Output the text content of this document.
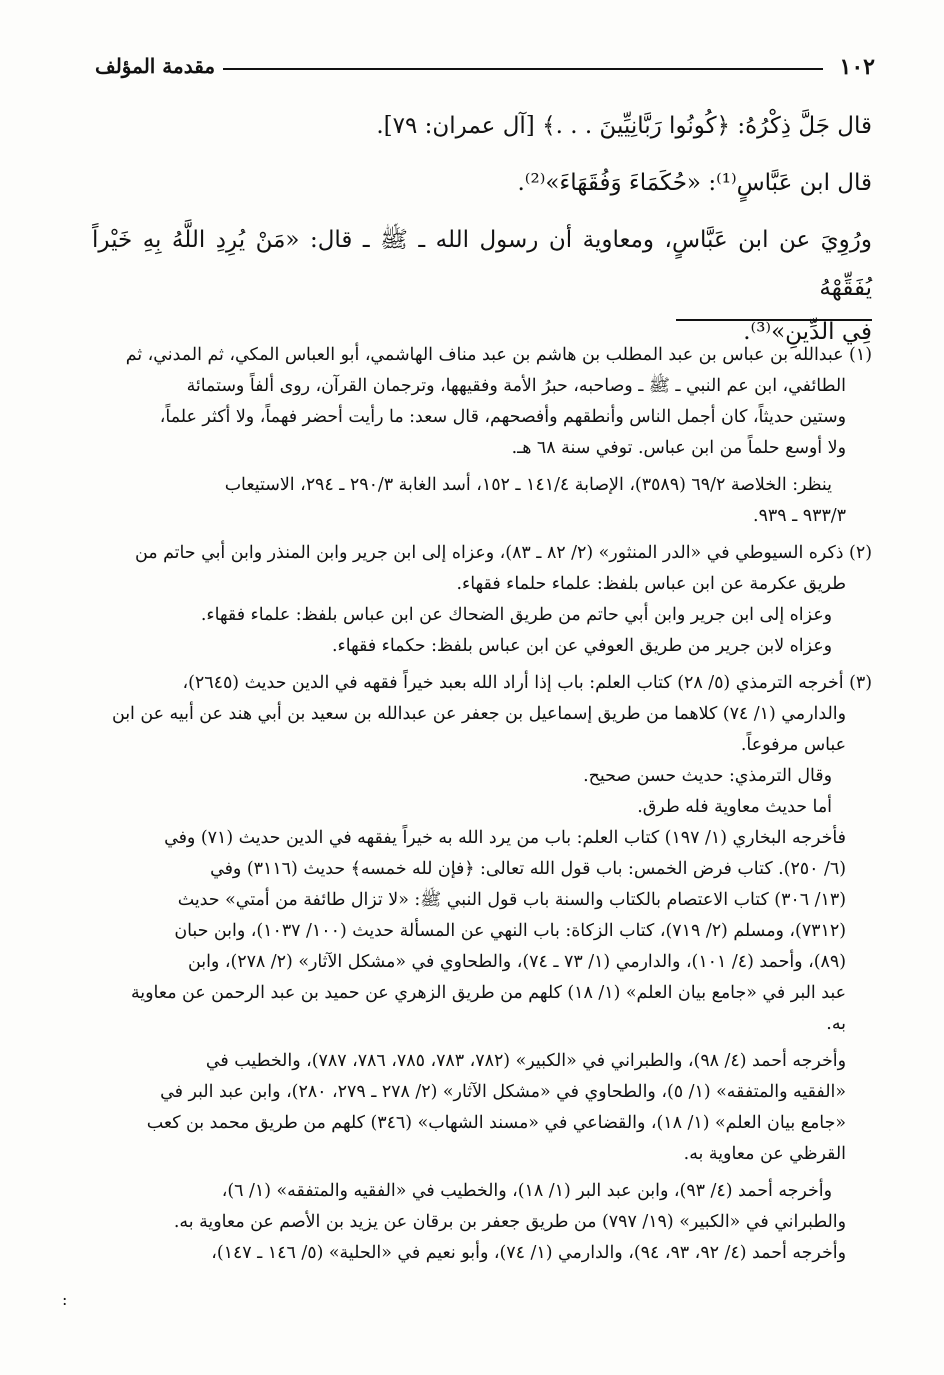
١٠٢
مقدمة المؤلف

قال جَلَّ ذِكْرُهُ: ﴿كُونُوا رَبَّانِيِّينَ . . .﴾ [آل عمران: ٧٩].

قال ابن عَبَّاسٍ⁽¹⁾: «حُكَمَاءَ وَفُقَهَاءَ»⁽²⁾.

ورُوِيَ عن ابن عَبَّاسٍ، ومعاوية أن رسول الله ـ ﷺ ـ قال: «مَنْ يُرِدِ اللَّهُ بِهِ خَيْراً يُفَقِّهْهُ

فِي الدِّينِ»⁽³⁾.

(١) عبدالله بن عباس بن عبد المطلب بن هاشم بن عبد مناف الهاشمي، أبو العباس المكي، ثم المدني، ثم

الطائفي، ابن عم النبي ـ ﷺ ـ وصاحبه، حبرُ الأمة وفقيهها، وترجمان القرآن، روى ألفاً وستمائة

وستين حديثاً، كان أجمل الناس وأنطقهم وأفصحهم، قال سعد: ما رأيت أحضر فهماً، ولا أكثر علماً،

ولا أوسع حلماً من ابن عباس. توفي سنة ٦٨ هـ.

ينظر: الخلاصة ٦٩/٢ (٣٥٨٩)، الإصابة ١٤١/٤ ـ ١٥٢، أسد الغابة ٢٩٠/٣ ـ ٢٩٤، الاستيعاب

٩٣٣/٣ ـ ٩٣٩.

(٢) ذكره السيوطي في «الدر المنثور» (٢/ ٨٢ ـ ٨٣)، وعزاه إلى ابن جرير وابن المنذر وابن أبي حاتم من

طريق عكرمة عن ابن عباس بلفظ: علماء حلماء فقهاء.

وعزاه إلى ابن جرير وابن أبي حاتم من طريق الضحاك عن ابن عباس بلفظ: علماء فقهاء.

وعزاه لابن جرير من طريق العوفي عن ابن عباس بلفظ: حكماء فقهاء.

(٣) أخرجه الترمذي (٥/ ٢٨) كتاب العلم: باب إذا أراد الله بعبد خيراً فقهه في الدين حديث (٢٦٤٥)،

والدارمي (١/ ٧٤) كلاهما من طريق إسماعيل بن جعفر عن عبدالله بن سعيد بن أبي هند عن أبيه عن ابن

عباس مرفوعاً.

وقال الترمذي: حديث حسن صحيح.

أما حديث معاوية فله طرق.

فأخرجه البخاري (١/ ١٩٧) كتاب العلم: باب من يرد الله به خيراً يفقهه في الدين حديث (٧١) وفي

(٦/ ٢٥٠). كتاب فرض الخمس: باب قول الله تعالى: ﴿فإن لله خمسه﴾ حديث (٣١١٦) وفي

(١٣/ ٣٠٦) كتاب الاعتصام بالكتاب والسنة باب قول النبي ﷺ: «لا تزال طائفة من أمتي» حديث

(٧٣١٢)، ومسلم (٢/ ٧١٩)، كتاب الزكاة: باب النهي عن المسألة حديث (١٠٠/ ١٠٣٧)، وابن حبان

(٨٩)، وأحمد (٤/ ١٠١)، والدارمي (١/ ٧٣ ـ ٧٤)، والطحاوي في «مشكل الآثار» (٢/ ٢٧٨)، وابن

عبد البر في «جامع بيان العلم» (١/ ١٨) كلهم من طريق الزهري عن حميد بن عبد الرحمن عن معاوية

به.

وأخرجه أحمد (٤/ ٩٨)، والطبراني في «الكبير» (٧٨٢، ٧٨٣، ٧٨٥، ٧٨٦، ٧٨٧)، والخطيب في

«الفقيه والمتفقه» (١/ ٥)، والطحاوي في «مشكل الآثار» (٢/ ٢٧٨ ـ ٢٧٩، ٢٨٠)، وابن عبد البر في

«جامع بيان العلم» (١/ ١٨)، والقضاعي في «مسند الشهاب» (٣٤٦) كلهم من طريق محمد بن كعب

القرظي عن معاوية به.

وأخرجه أحمد (٤/ ٩٣)، وابن عبد البر (١/ ١٨)، والخطيب في «الفقيه والمتفقه» (١/ ٦)،

والطبراني في «الكبير» (١٩/ ٧٩٧) من طريق جعفر بن برقان عن يزيد بن الأصم عن معاوية به.

وأخرجه أحمد (٤/ ٩٢، ٩٣، ٩٤)، والدارمي (١/ ٧٤)، وأبو نعيم في «الحلية» (٥/ ١٤٦ ـ ١٤٧)،

:
